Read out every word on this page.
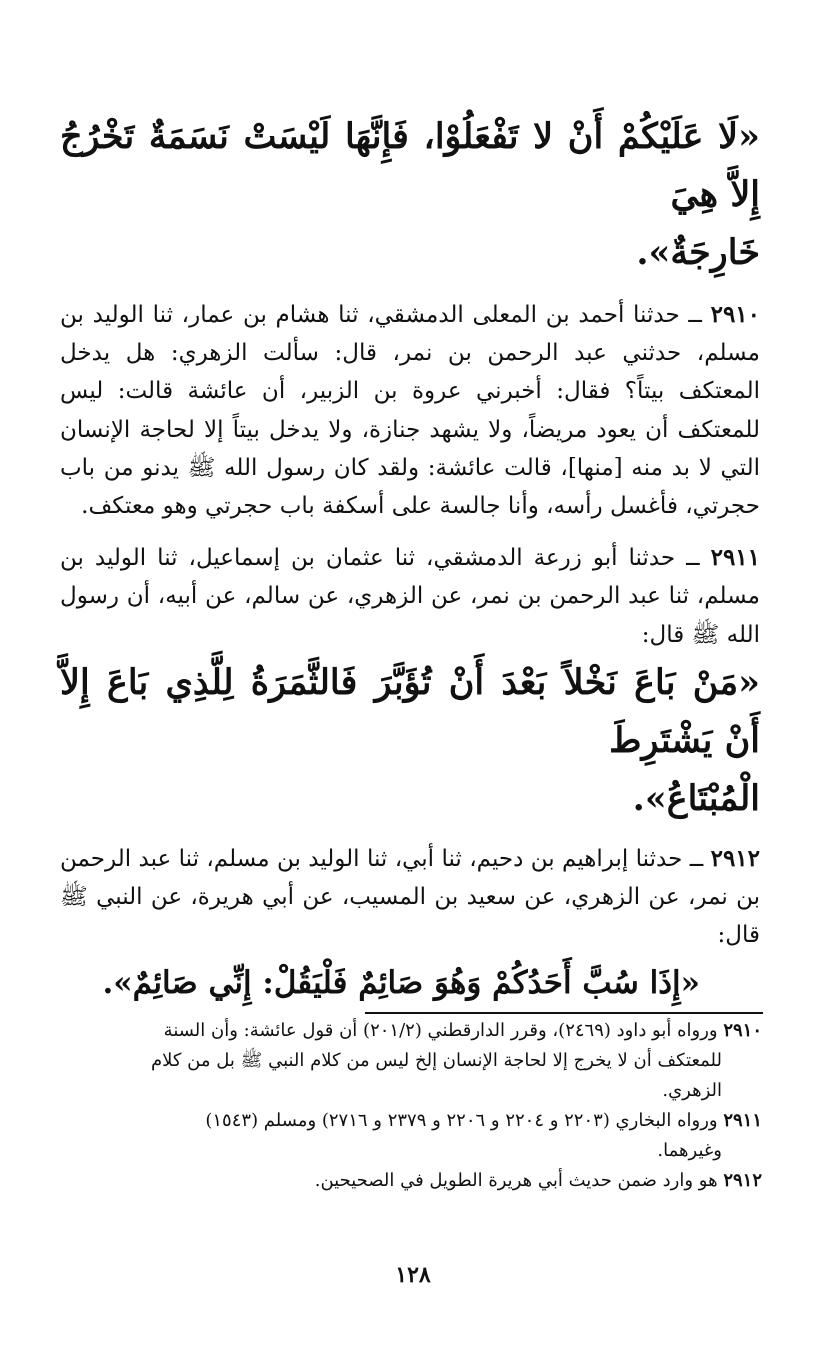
«لَا عَلَيْكُمْ أَنْ لا تَفْعَلُوْا، فَإِنَّهَا لَيْسَتْ نَسَمَةٌ تَخْرُجُ إِلاَّ هِيَ

خَارِجَةٌ».

٢٩١٠ ــ حدثنا أحمد بن المعلى الدمشقي، ثنا هشام بن عمار، ثنا الوليد بن مسلم، حدثني عبد الرحمن بن نمر، قال: سألت الزهري: هل يدخل المعتكف بيتاً؟ فقال: أخبرني عروة بن الزبير، أن عائشة قالت: ليس للمعتكف أن يعود مريضاً، ولا يشهد جنازة، ولا يدخل بيتاً إلا لحاجة الإنسان التي لا بد منه [منها]، قالت عائشة: ولقد كان رسول الله ﷺ يدنو من باب حجرتي، فأغسل رأسه، وأنا جالسة على أسكفة باب حجرتي وهو معتكف.

٢٩١١ ــ حدثنا أبو زرعة الدمشقي، ثنا عثمان بن إسماعيل، ثنا الوليد بن مسلم، ثنا عبد الرحمن بن نمر، عن الزهري، عن سالم، عن أبيه، أن رسول الله ﷺ قال:

«مَنْ بَاعَ نَخْلاً بَعْدَ أَنْ تُؤَبَّرَ فَالثَّمَرَةُ لِلَّذِي بَاعَ إِلاَّ أَنْ يَشْتَرِطَ

الْمُبْتَاعُ».

٢٩١٢ ــ حدثنا إبراهيم بن دحيم، ثنا أبي، ثنا الوليد بن مسلم، ثنا عبد الرحمن بن نمر، عن الزهري، عن سعيد بن المسيب، عن أبي هريرة، عن النبي ﷺ قال:

«إِذَا سُبَّ أَحَدُكُمْ وَهُوَ صَائِمٌ فَلْيَقُلْ: إِنِّي صَائِمٌ».

٢٩١٠ ورواه أبو داود (٢٤٦٩)، وقرر الدارقطني (٢٠١/٢) أن قول عائشة: وأن السنة

للمعتكف أن لا يخرج إلا لحاجة الإنسان إلخ ليس من كلام النبي ﷺ بل من كلام

الزهري.

٢٩١١ ورواه البخاري (٢٢٠٣ و ٢٢٠٤ و ٢٢٠٦ و ٢٣٧٩ و ٢٧١٦) ومسلم (١٥٤٣)

وغيرهما.

٢٩١٢ هو وارد ضمن حديث أبي هريرة الطويل في الصحيحين.

١٢٨
